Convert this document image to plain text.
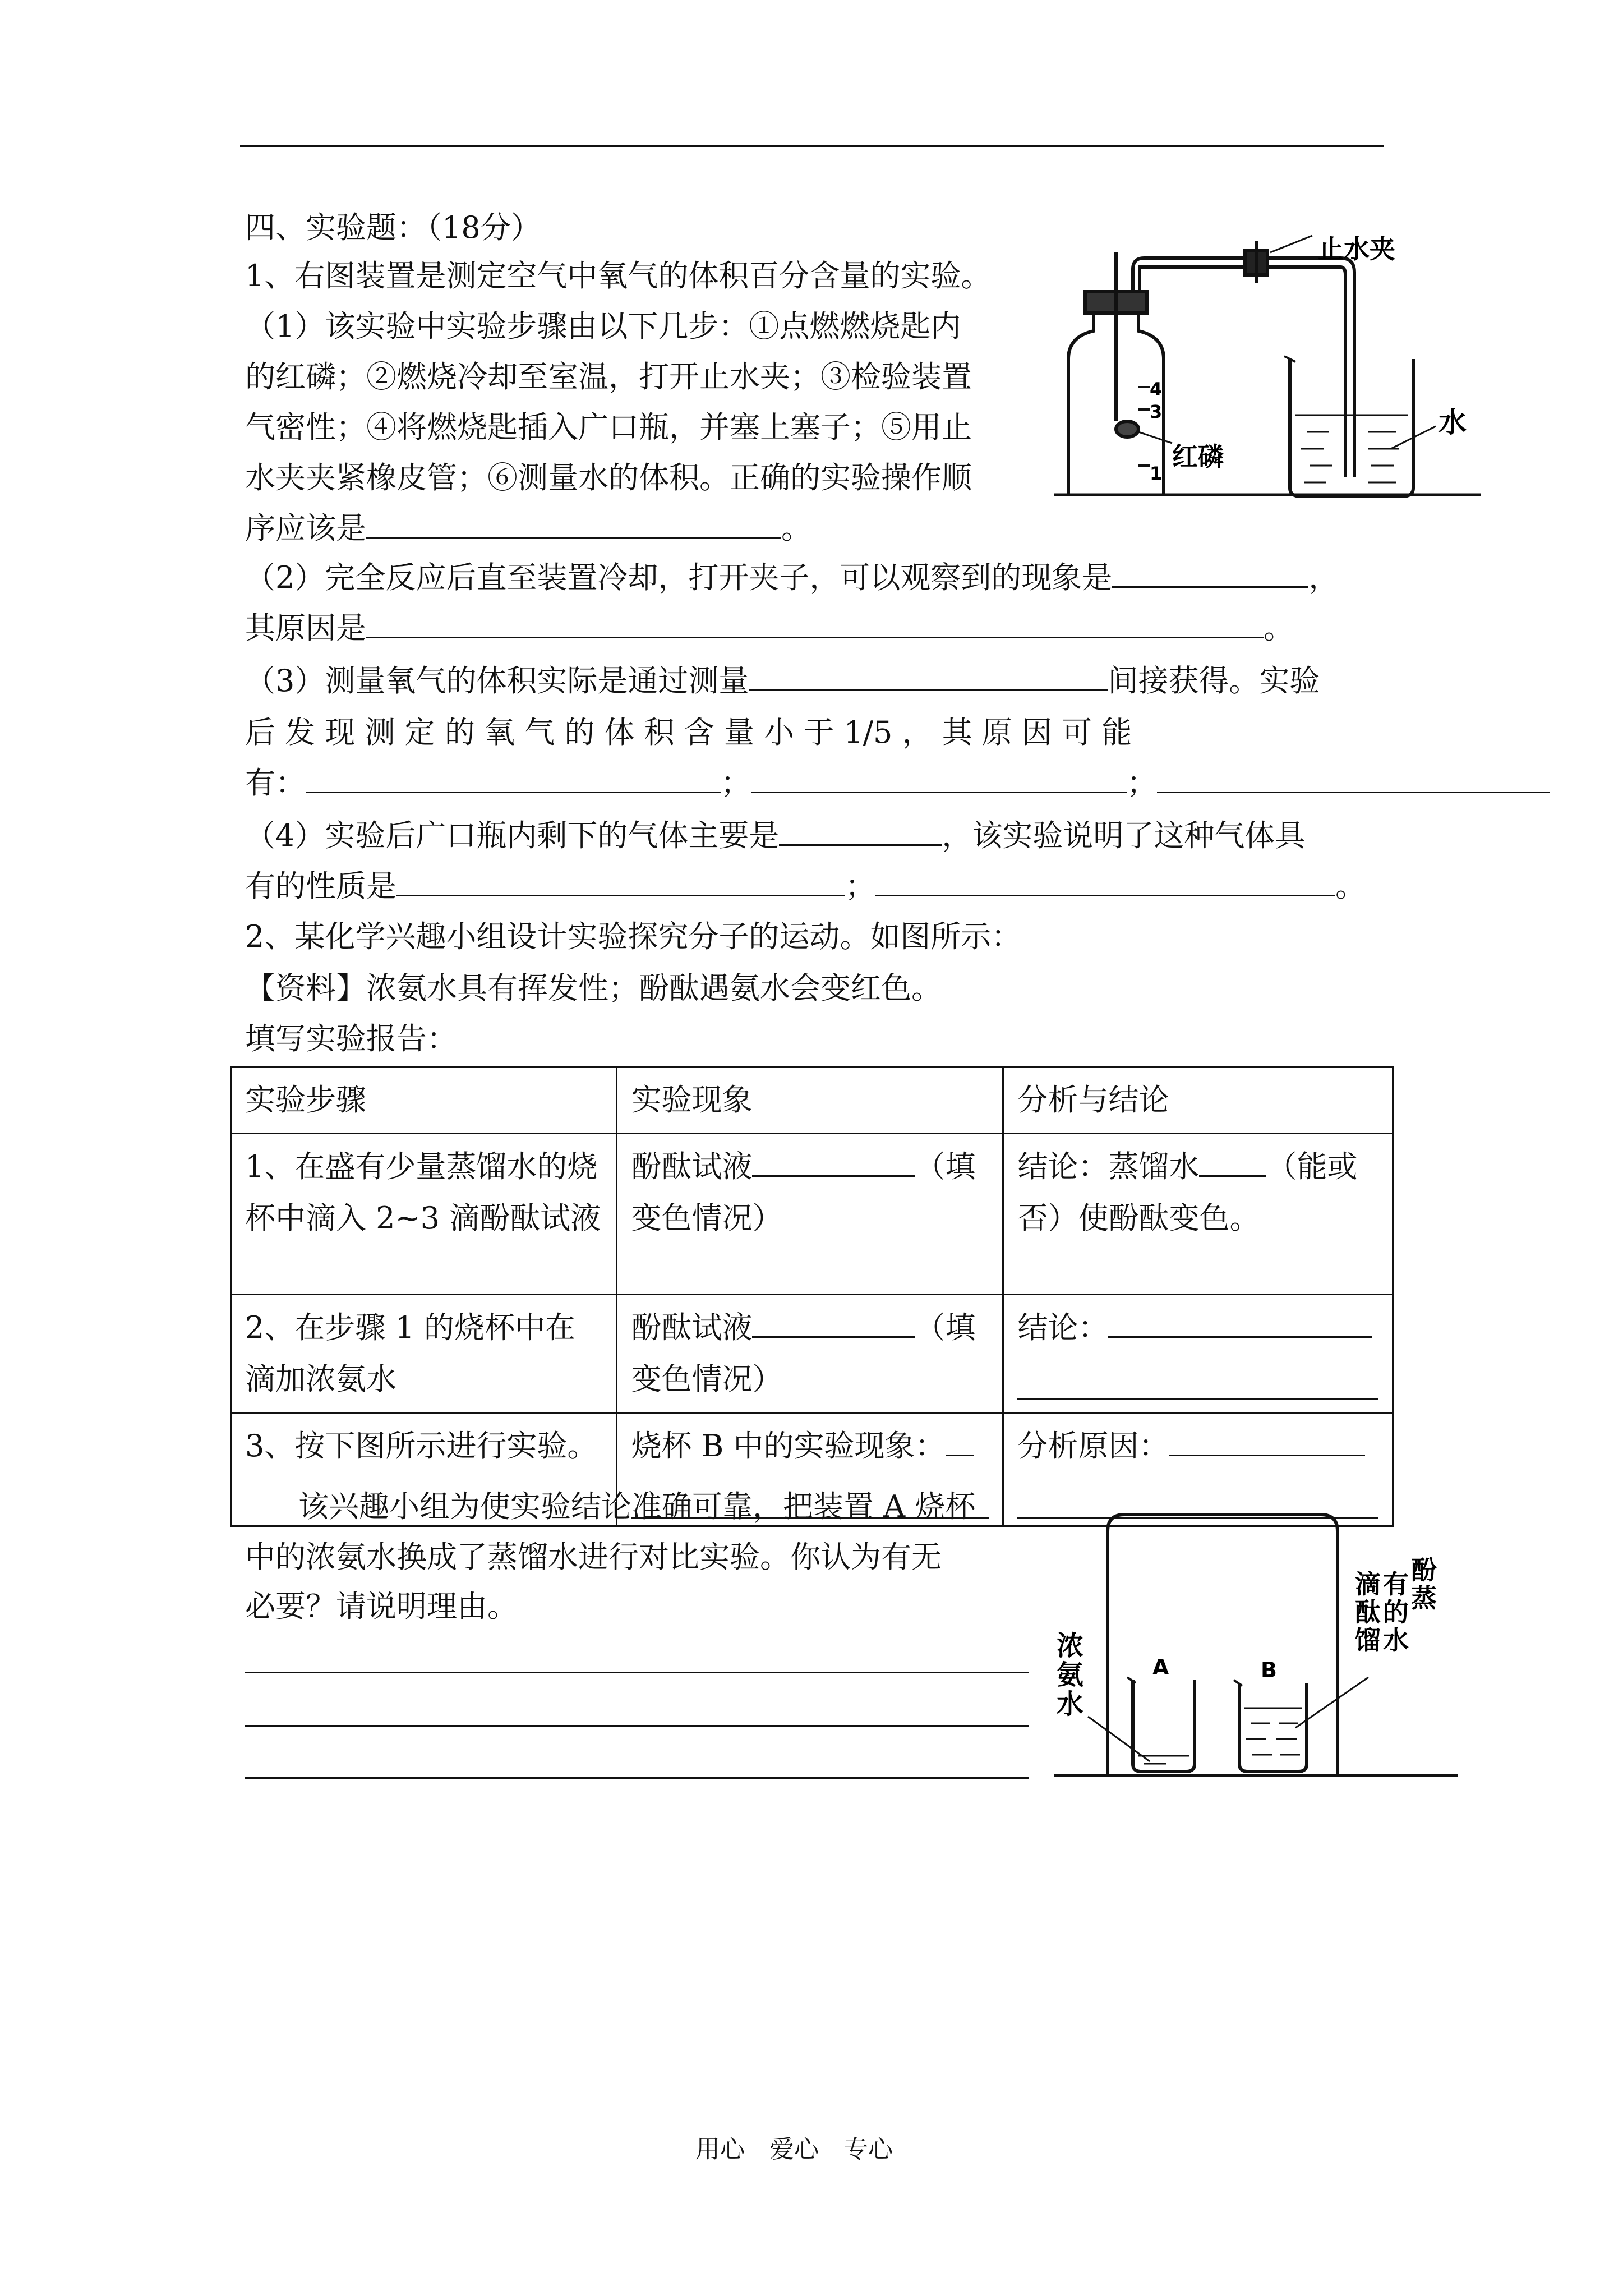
四、实验题：（18分）
1、右图装置是测定空气中氧气的体积百分含量的实验。
（1）该实验中实验步骤由以下几步：①点燃燃烧匙内
的红磷；②燃烧冷却至室温，打开止水夹；③检验装置
气密性；④将燃烧匙插入广口瓶，并塞上塞子；⑤用止
水夹夹紧橡皮管；⑥测量水的体积。正确的实验操作顺
序应该是	。
（2）完全反应后直至装置冷却，打开夹子，可以观察到的现象是	，
其原因是	。
（3）测量氧气的体积实际是通过测量	间接获得。实验
后 发 现 测 定 的 氧 气 的 体 积 含 量 小 于 1/5 ， 其 原 因 可 能
有：	；	；
（4）实验后广口瓶内剩下的气体主要是	，该实验说明了这种气体具
有的性质是	；	。
止水夹
红磷
水
4
3
1
2、某化学兴趣小组设计实验探究分子的运动。如图所示：
【资料】浓氨水具有挥发性；酚酞遇氨水会变红色。
填写实验报告：
实验步骤	实验现象	分析与结论
1、在盛有少量蒸馏水的烧杯中滴入 2~3 滴酚酞试液	酚酞试液 （填变色情况）	结论：蒸馏水 （能或否）使酚酞变色。
2、在步骤 1 的烧杯中在滴加浓氨水	酚酞试液 （填变色情况）	结论：

3、按下图所示进行实验。	烧杯 B 中的实验现象：	分析原因：
该兴趣小组为使实验结论准确可靠，把装置 A 烧杯
中的浓氨水换成了蒸馏水进行对比实验。你认为有无
必要？请说明理由。
A	B
浓
氨
水
滴
酞
馏
有
的
水
酚
蒸
用心　爱心　专心
